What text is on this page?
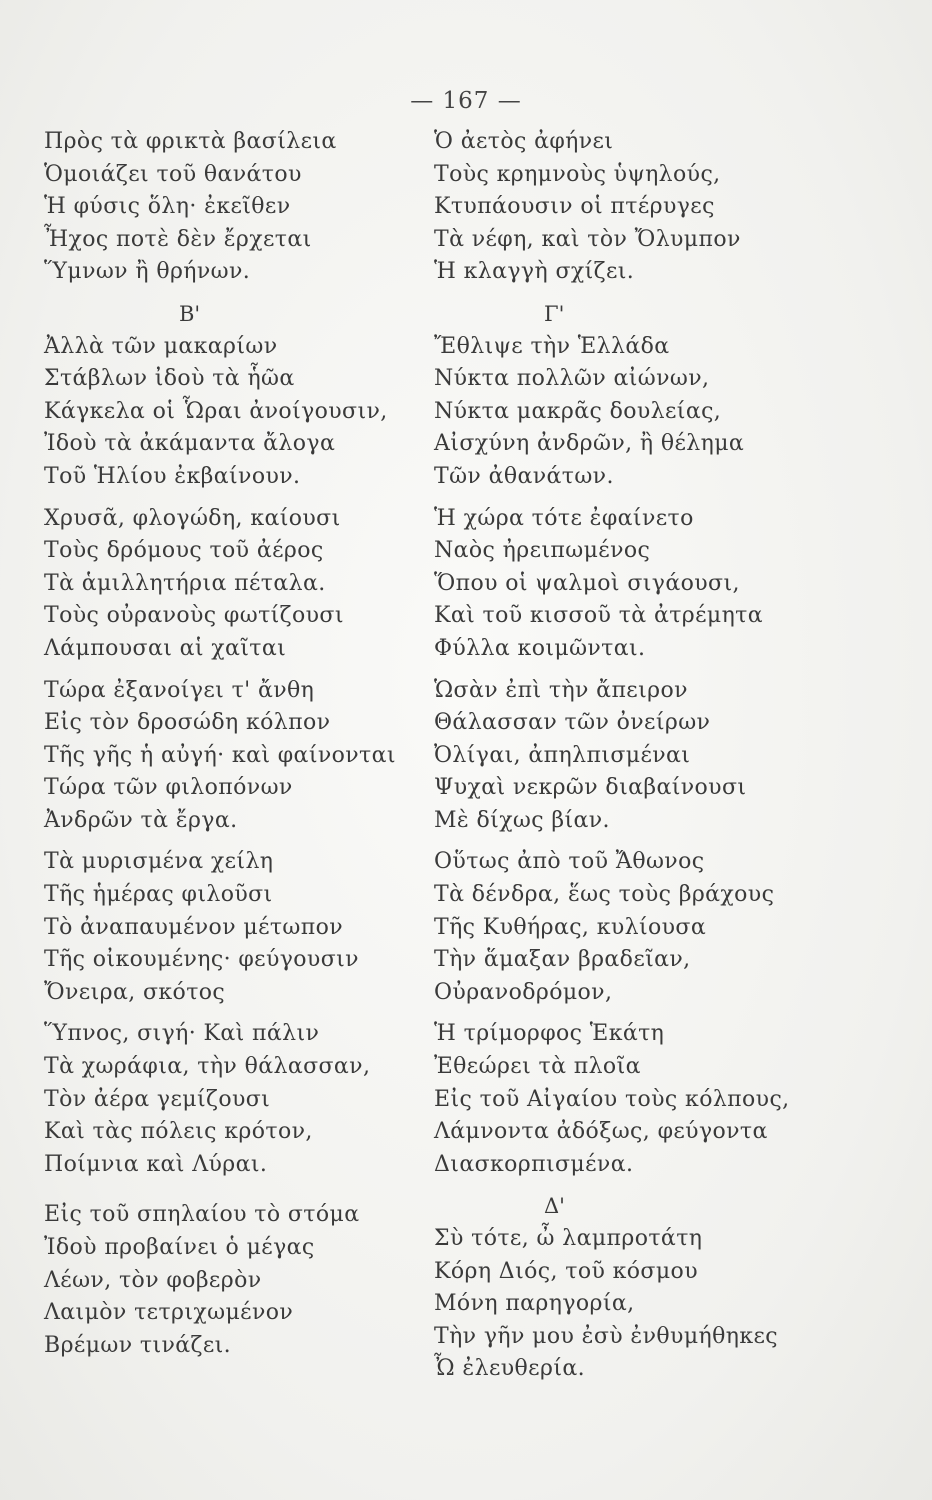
— 167 —
Πρὸς τὰ φρικτὰ βασίλεια
Ὁμοιάζει τοῦ θανάτου
Ἡ φύσις ὅλη· ἐκεῖθεν
Ἦχος ποτὲ δὲν ἔρχεται
Ὕμνων ἢ θρήνων.
Β'
Ἀλλὰ τῶν μακαρίων
Στάβλων ἰδοὺ τὰ ἧῶα
Κάγκελα οἱ Ὧραι ἀνοίγουσιν,
Ἰδοὺ τὰ ἀκάμαντα ἄλογα
Τοῦ Ἡλίου ἐκβαίνουν.
Χρυσᾶ, φλογώδη, καίουσι
Τοὺς δρόμους τοῦ ἀέρος
Τὰ ἁμιλλητήρια πέταλα.
Τοὺς οὐρανοὺς φωτίζουσι
Λάμπουσαι αἱ χαῖται
Τώρα ἐξανοίγει τ' ἄνθη
Εἰς τὸν δροσώδη κόλπον
Τῆς γῆς ἡ αὐγή· καὶ φαίνονται
Τώρα τῶν φιλοπόνων
Ἀνδρῶν τὰ ἔργα.
Τὰ μυρισμένα χείλη
Τῆς ἡμέρας φιλοῦσι
Τὸ ἀναπαυμένον μέτωπον
Τῆς οἰκουμένης· φεύγουσιν
Ὄνειρα, σκότος
Ὕπνος, σιγή· Καὶ πάλιν
Τὰ χωράφια, τὴν θάλασσαν,
Τὸν ἀέρα γεμίζουσι
Καὶ τὰς πόλεις κρότον,
Ποίμνια καὶ Λύραι.
Εἰς τοῦ σπηλαίου τὸ στόμα
Ἰδοὺ προβαίνει ὁ μέγας
Λέων, τὸν φοβερὸν
Λαιμὸν τετριχωμένον
Βρέμων τινάζει.
Ὁ ἀετὸς ἀφήνει
Τοὺς κρημνοὺς ὑψηλούς,
Κτυπάουσιν οἱ πτέρυγες
Τὰ νέφη, καὶ τὸν Ὄλυμπον
Ἡ κλαγγὴ σχίζει.
Γ'
Ἔθλιψε τὴν Ἑλλάδα
Νύκτα πολλῶν αἰώνων,
Νύκτα μακρᾶς δουλείας,
Αἰσχύνη ἀνδρῶν, ἢ θέλημα
Τῶν ἀθανάτων.
Ἡ χώρα τότε ἐφαίνετο
Ναὸς ἠρειπωμένος
Ὅπου οἱ ψαλμοὶ σιγάουσι,
Καὶ τοῦ κισσοῦ τὰ ἀτρέμητα
Φύλλα κοιμῶνται.
Ὡσὰν ἐπὶ τὴν ἄπειρον
Θάλασσαν τῶν ὀνείρων
Ὀλίγαι, ἀπηλπισμέναι
Ψυχαὶ νεκρῶν διαβαίνουσι
Μὲ δίχως βίαν.
Οὕτως ἀπὸ τοῦ Ἄθωνος
Τὰ δένδρα, ἕως τοὺς βράχους
Τῆς Κυθήρας, κυλίουσα
Τὴν ἅμαξαν βραδεῖαν,
Οὐρανοδρόμον,
Ἡ τρίμορφος Ἑκάτη
Ἐθεώρει τὰ πλοῖα
Εἰς τοῦ Αἰγαίου τοὺς κόλπους,
Λάμνοντα ἀδόξως, φεύγοντα
Διασκορπισμένα.
Δ'
Σὺ τότε, ὦ λαμπροτάτη
Κόρη Διός, τοῦ κόσμου
Μόνη παρηγορία,
Τὴν γῆν μου ἐσὺ ἐνθυμήθηκες
Ὦ ἐλευθερία.
